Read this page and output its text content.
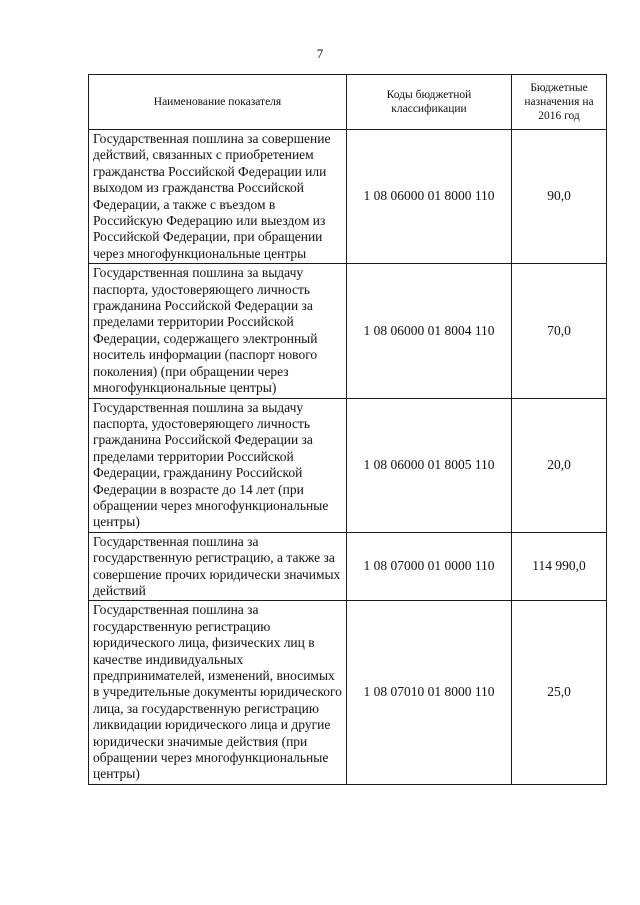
7
Наименование показателя	Коды бюджетной классификации	Бюджетные назначения на 2016 год
Государственная пошлина за совершение действий, связанных с приобретением гражданства Российской Федерации или выходом из гражданства Российской Федерации, а также с въездом в Российскую Федерацию или выездом из Российской Федерации, при обращении через многофункциональные центры	1 08 06000 01 8000 110	90,0
Государственная пошлина за выдачу паспорта, удостоверяющего личность гражданина Российской Федерации за пределами территории Российской Федерации, содержащего электронный носитель информации (паспорт нового поколения) (при обращении через многофункциональные центры)	1 08 06000 01 8004 110	70,0
Государственная пошлина за выдачу паспорта, удостоверяющего личность гражданина Российской Федерации за пределами территории Российской Федерации, гражданину Российской Федерации в возрасте до 14 лет (при обращении через многофункциональные центры)	1 08 06000 01 8005 110	20,0
Государственная пошлина за государственную регистрацию, а также за совершение прочих юридически значимых действий	1 08 07000 01 0000 110	114 990,0
Государственная пошлина за государственную регистрацию юридического лица, физических лиц в качестве индивидуальных предпринимателей, изменений, вносимых в учредительные документы юридического лица, за государственную регистрацию ликвидации юридического лица и другие юридически значимые действия (при обращении через многофункциональные центры)	1 08 07010 01 8000 110	25,0
